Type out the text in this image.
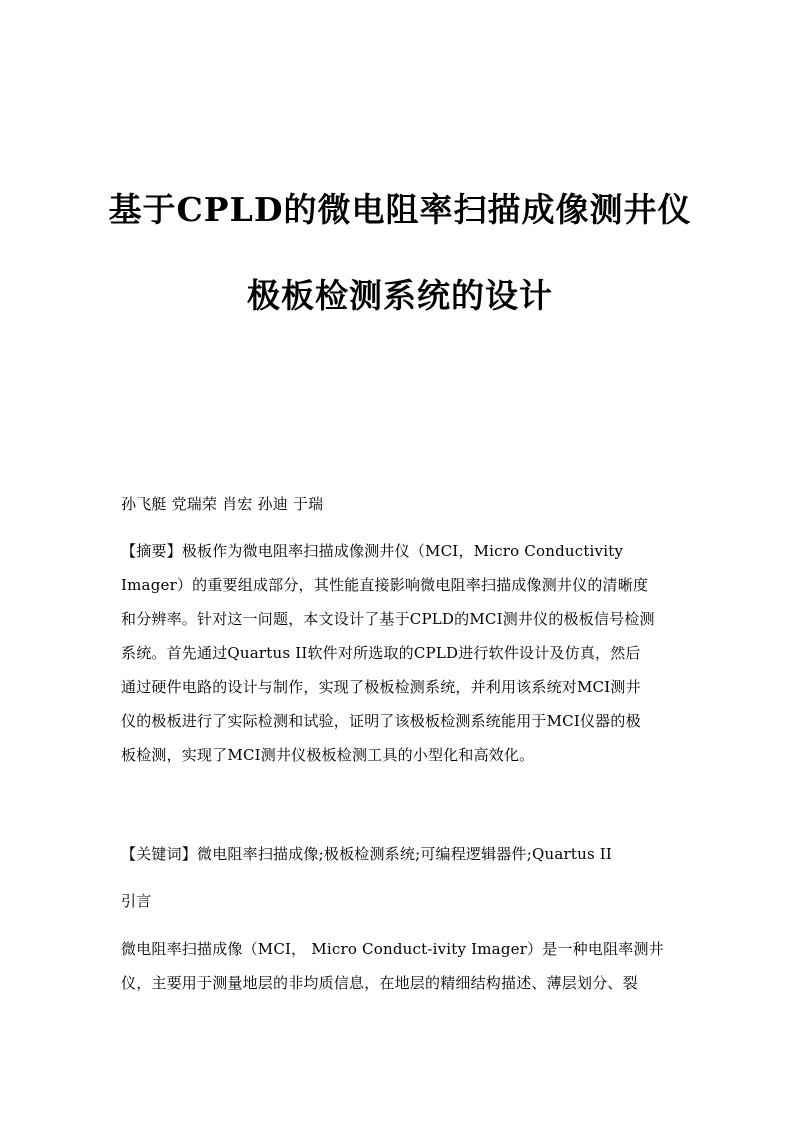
基于CPLD的微电阻率扫描成像测井仪
极板检测系统的设计
孙飞艇 党瑞荣 肖宏 孙迪 于瑞
【摘要】极板作为微电阻率扫描成像测井仪（MCI，Micro Conductivity
Imager）的重要组成部分，其性能直接影响微电阻率扫描成像测井仪的清晰度
和分辨率。针对这一问题，本文设计了基于CPLD的MCI测井仪的极板信号检测
系统。首先通过Quartus II软件对所选取的CPLD进行软件设计及仿真，然后
通过硬件电路的设计与制作，实现了极板检测系统，并利用该系统对MCI测井
仪的极板进行了实际检测和试验，证明了该极板检测系统能用于MCI仪器的极
板检测，实现了MCI测井仪极板检测工具的小型化和高效化。
【关键词】微电阻率扫描成像;极板检测系统;可编程逻辑器件;Quartus II
引言
微电阻率扫描成像（MCI， Micro Conduct-ivity Imager）是一种电阻率测井
仪，主要用于测量地层的非均质信息，在地层的精细结构描述、薄层划分、裂
